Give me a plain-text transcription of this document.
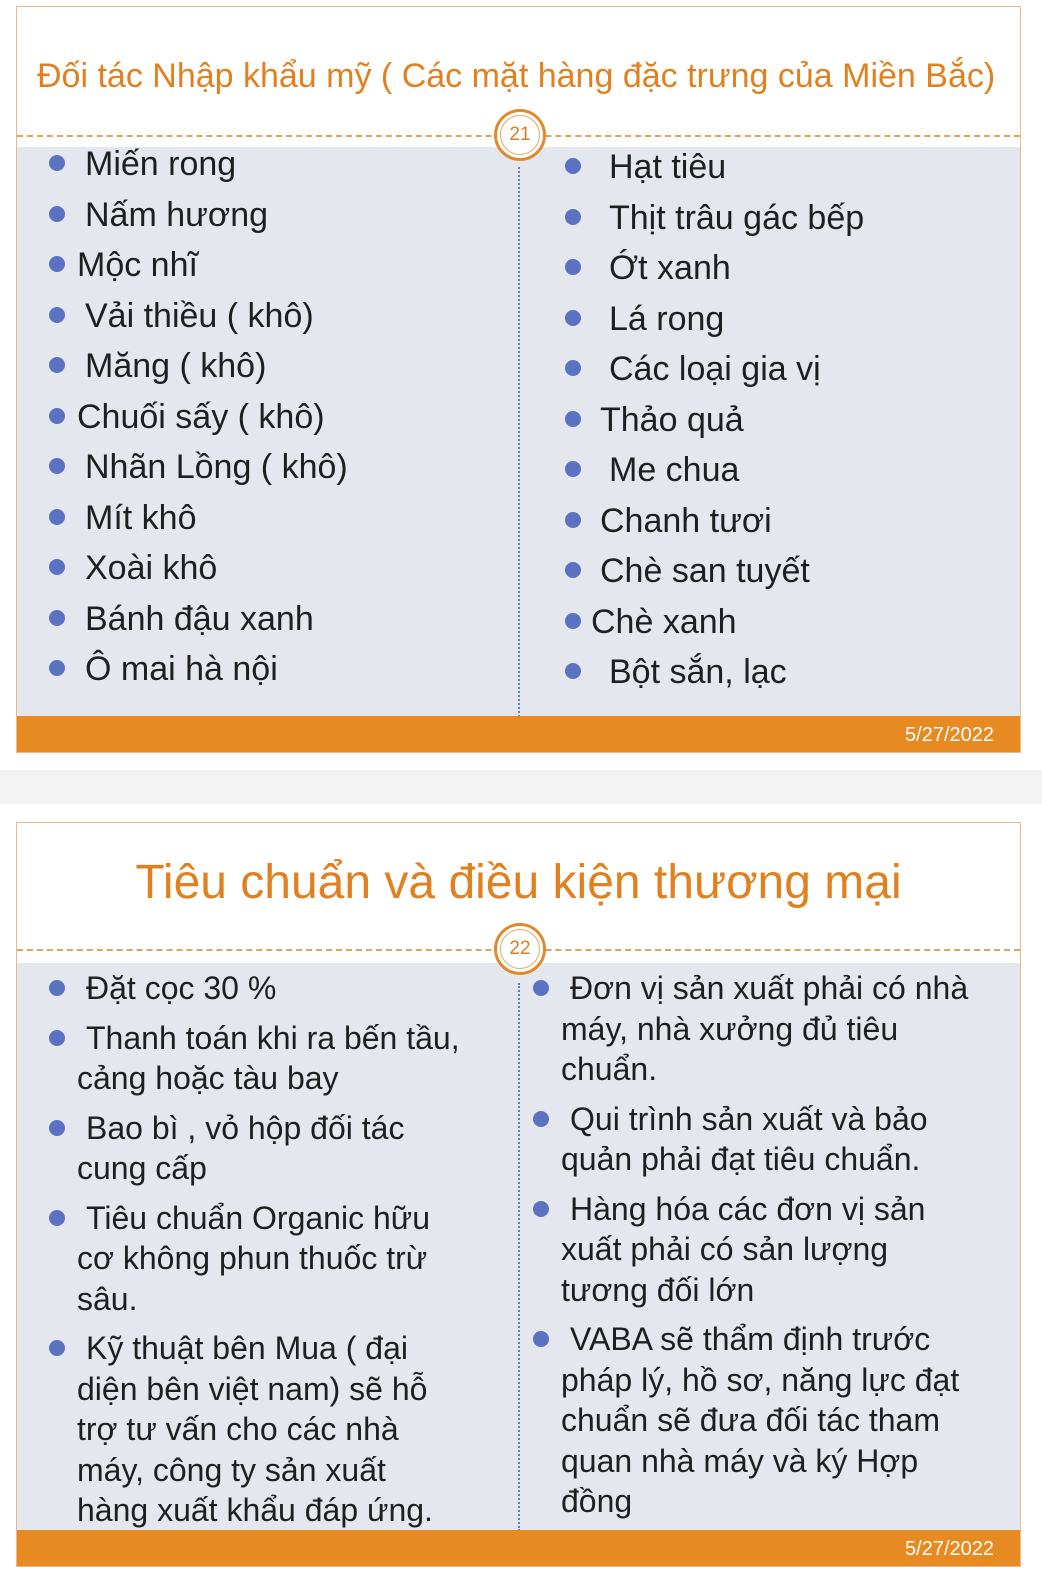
Đối tác Nhập khẩu mỹ ( Các mặt hàng đặc trưng của Miền Bắc)
21
Miến rong
Nấm hương
Mộc nhĩ
Vải thiều ( khô)
Măng ( khô)
Chuối sấy ( khô)
Nhãn Lồng ( khô)
Mít khô
Xoài khô
Bánh đậu xanh
Ô mai hà nội
Hạt tiêu
Thịt trâu gác bếp
Ớt xanh
Lá rong
Các loại gia vị
Thảo quả
Me chua
Chanh tươi
Chè san tuyết
Chè xanh
Bột sắn, lạc
5/27/2022
Tiêu chuẩn và điều kiện thương mại
22
Đặt cọc 30 %
Thanh toán khi ra bến tầu,
cảng hoặc tàu bay
Bao bì , vỏ hộp đối tác
cung cấp
Tiêu chuẩn Organic hữu
cơ không phun thuốc trừ
sâu.
Kỹ thuật bên Mua ( đại
diện bên việt nam) sẽ hỗ
trợ tư vấn cho các nhà
máy, công ty sản xuất
hàng xuất khẩu đáp ứng.
Đơn vị sản xuất phải có nhà
máy, nhà xưởng đủ tiêu
chuẩn.
Qui trình sản xuất và bảo
quản phải đạt tiêu chuẩn.
Hàng hóa các đơn vị sản
xuất phải có sản lượng
tương đối lớn
VABA sẽ thẩm định trước
pháp lý, hồ sơ, năng lực đạt
chuẩn sẽ đưa đối tác tham
quan nhà máy và ký Hợp
đồng
5/27/2022
